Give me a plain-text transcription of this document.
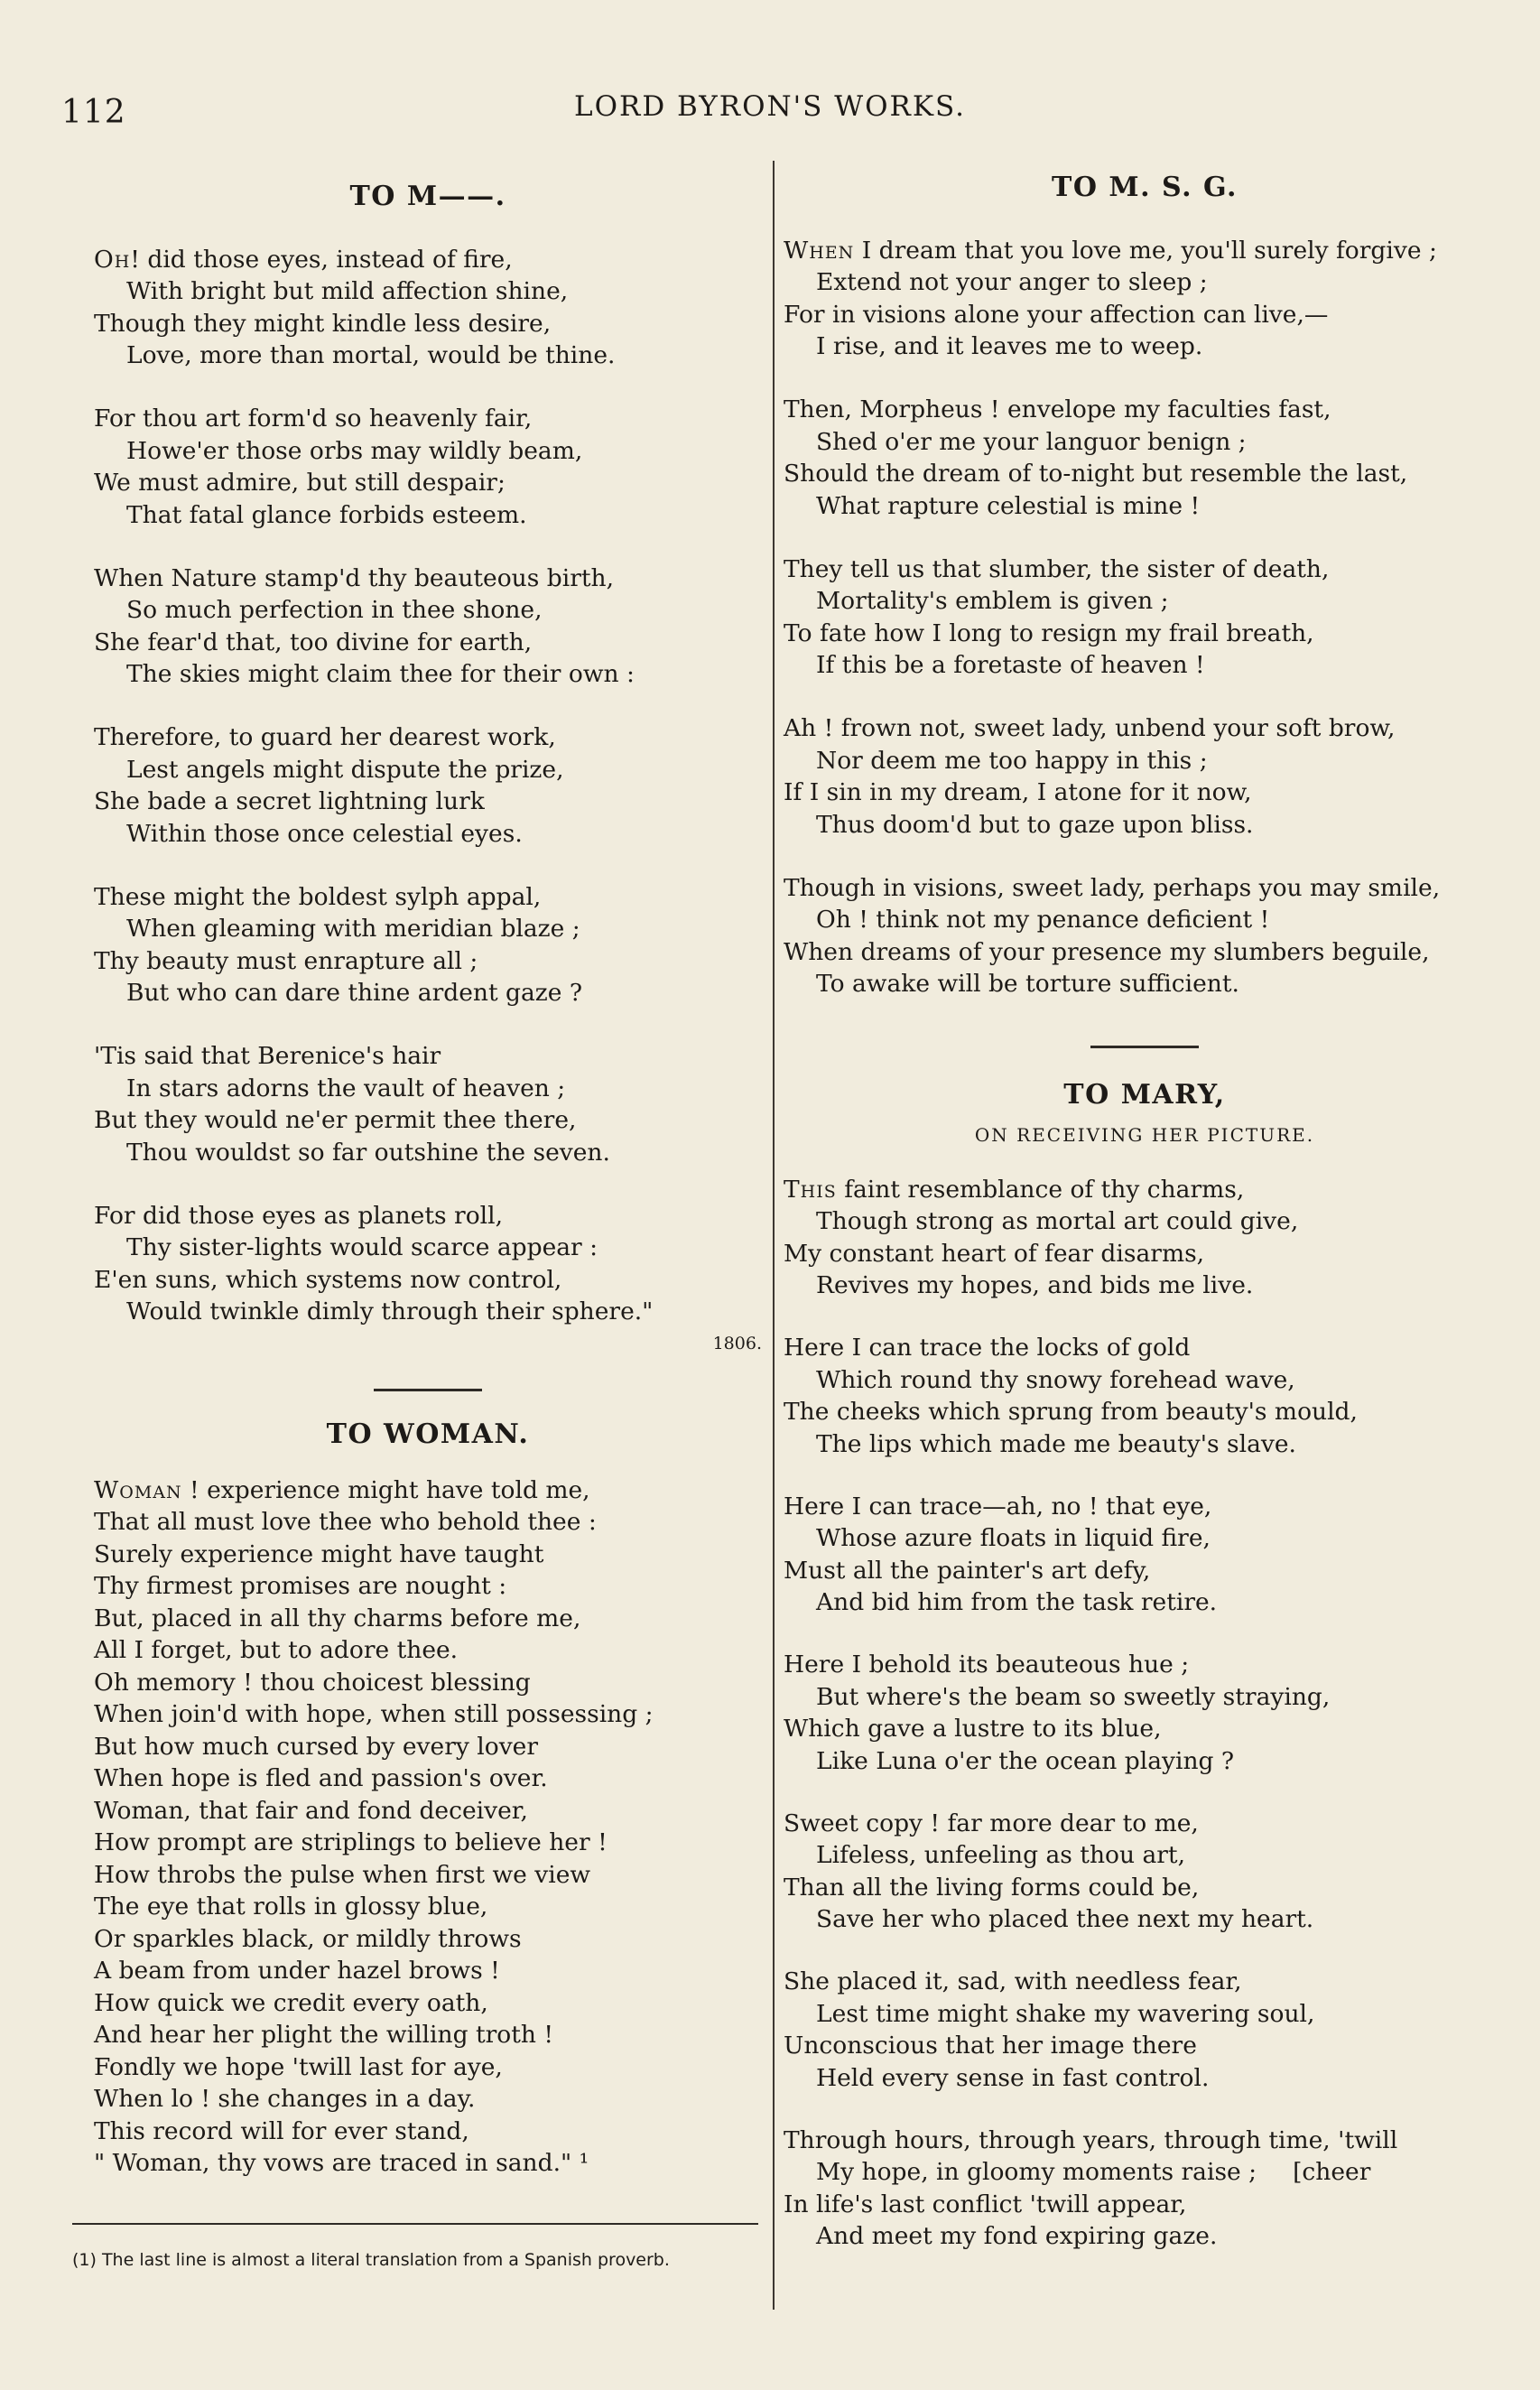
112	LORD BYRON'S WORKS.
TO M——.
Oh! did those eyes, instead of fire,
With bright but mild affection shine,
Though they might kindle less desire,
Love, more than mortal, would be thine.
For thou art form'd so heavenly fair,
Howe'er those orbs may wildly beam,
We must admire, but still despair;
That fatal glance forbids esteem.
When Nature stamp'd thy beauteous birth,
So much perfection in thee shone,
She fear'd that, too divine for earth,
The skies might claim thee for their own :
Therefore, to guard her dearest work,
Lest angels might dispute the prize,
She bade a secret lightning lurk
Within those once celestial eyes.
These might the boldest sylph appal,
When gleaming with meridian blaze ;
Thy beauty must enrapture all ;
But who can dare thine ardent gaze ?
'Tis said that Berenice's hair
In stars adorns the vault of heaven ;
But they would ne'er permit thee there,
Thou wouldst so far outshine the seven.
For did those eyes as planets roll,
Thy sister-lights would scarce appear :
E'en suns, which systems now control,
Would twinkle dimly through their sphere."

1806.

TO WOMAN.
Woman ! experience might have told me,
That all must love thee who behold thee :
Surely experience might have taught
Thy firmest promises are nought :
But, placed in all thy charms before me,
All I forget, but to adore thee.
Oh memory ! thou choicest blessing
When join'd with hope, when still possessing ;
But how much cursed by every lover
When hope is fled and passion's over.
Woman, that fair and fond deceiver,
How prompt are striplings to believe her !
How throbs the pulse when first we view
The eye that rolls in glossy blue,
Or sparkles black, or mildly throws
A beam from under hazel brows !
How quick we credit every oath,
And hear her plight the willing troth !
Fondly we hope 'twill last for aye,
When lo ! she changes in a day.
This record will for ever stand,
" Woman, thy vows are traced in sand." ¹
TO M. S. G.
When I dream that you love me, you'll surely forgive ;
Extend not your anger to sleep ;
For in visions alone your affection can live,—
I rise, and it leaves me to weep.
Then, Morpheus ! envelope my faculties fast,
Shed o'er me your languor benign ;
Should the dream of to-night but resemble the last,
What rapture celestial is mine !
They tell us that slumber, the sister of death,
Mortality's emblem is given ;
To fate how I long to resign my frail breath,
If this be a foretaste of heaven !
Ah ! frown not, sweet lady, unbend your soft brow,
Nor deem me too happy in this ;
If I sin in my dream, I atone for it now,
Thus doom'd but to gaze upon bliss.
Though in visions, sweet lady, perhaps you may smile,
Oh ! think not my penance deficient !
When dreams of your presence my slumbers beguile,
To awake will be torture sufficient.
TO MARY,

ON RECEIVING HER PICTURE.

This faint resemblance of thy charms,
Though strong as mortal art could give,
My constant heart of fear disarms,
Revives my hopes, and bids me live.
Here I can trace the locks of gold
Which round thy snowy forehead wave,
The cheeks which sprung from beauty's mould,
The lips which made me beauty's slave.
Here I can trace—ah, no ! that eye,
Whose azure floats in liquid fire,
Must all the painter's art defy,
And bid him from the task retire.
Here I behold its beauteous hue ;
But where's the beam so sweetly straying,
Which gave a lustre to its blue,
Like Luna o'er the ocean playing ?
Sweet copy ! far more dear to me,
Lifeless, unfeeling as thou art,
Than all the living forms could be,
Save her who placed thee next my heart.
She placed it, sad, with needless fear,
Lest time might shake my wavering soul,
Unconscious that her image there
Held every sense in fast control.
Through hours, through years, through time, 'twill
My hope, in gloomy moments raise ; [cheer
In life's last conflict 'twill appear,
And meet my fond expiring gaze.
(1) The last line is almost a literal translation from a Spanish proverb.
